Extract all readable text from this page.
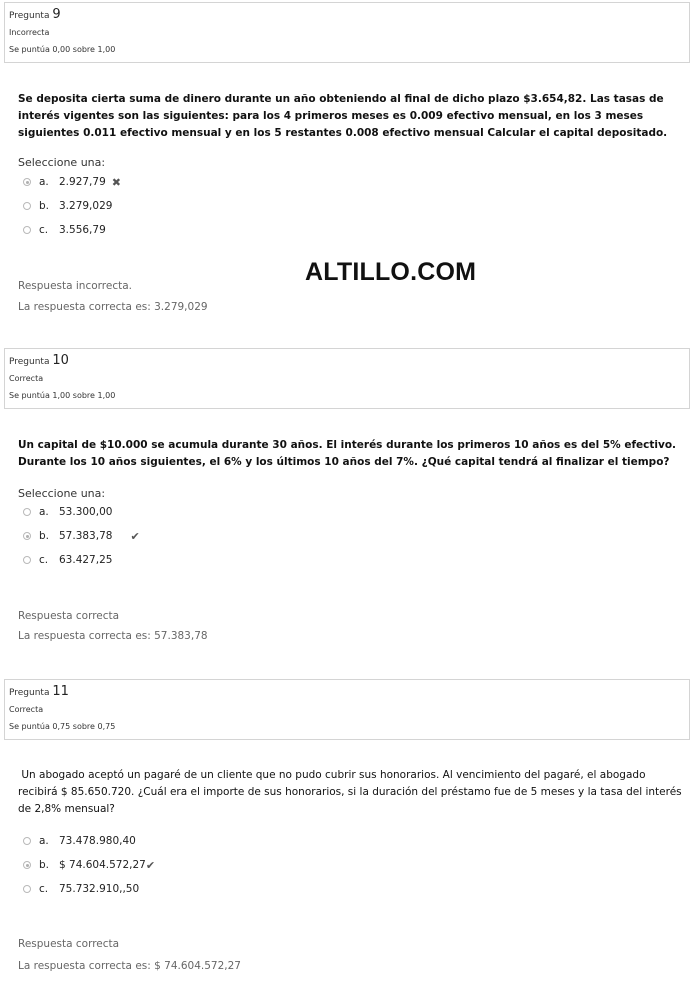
Pregunta 9
Incorrecta
Se puntúa 0,00 sobre 1,00
Se deposita cierta suma de dinero durante un año obteniendo al final de dicho plazo $3.654,82. Las tasas de interés vigentes son las siguientes: para los 4 primeros meses es 0.009 efectivo mensual, en los 3 meses siguientes 0.011 efectivo mensual y en los 5 restantes 0.008 efectivo mensual Calcular el capital depositado.
Seleccione una:
a. 2.927,79 ✖
b. 3.279,029
c.	3.556,79
Respuesta incorrecta.	ALTILLO.COM
La respuesta correcta es: 3.279,029
Pregunta 10
Correcta
Se puntúa 1,00 sobre 1,00
Un capital de $10.000 se acumula durante 30 años. El interés durante los primeros 10 años es del 5% efectivo. Durante los 10 años siguientes, el 6% y los últimos 10 años del 7%. ¿Qué capital tendrá al finalizar el tiempo?
Seleccione una:
a. 53.300,00
b. 57.383,78 ✔
c.	63.427,25
Respuesta correcta
La respuesta correcta es: 57.383,78
Pregunta 11
Correcta
Se puntúa 0,75 sobre 0,75
Un abogado aceptó un pagaré de un cliente que no pudo cubrir sus honorarios. Al vencimiento del pagaré, el abogado recibirá $ 85.650.720. ¿Cuál era el importe de sus honorarios, si la duración del préstamo fue de 5 meses y la tasa del interés de 2,8% mensual?
a. 73.478.980,40
b. $ 74.604.572,27 ✔
c.	75.732.910,,50
Respuesta correcta
La respuesta correcta es: $ 74.604.572,27
